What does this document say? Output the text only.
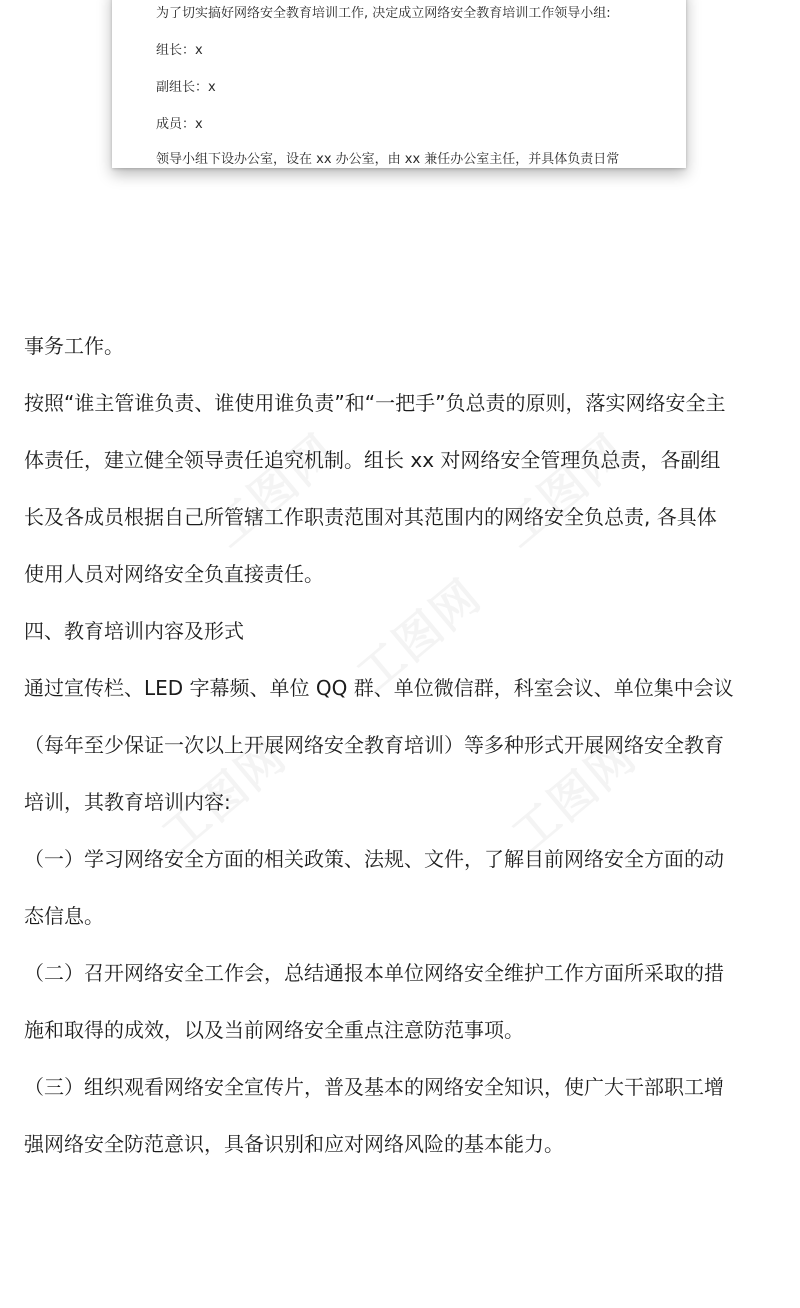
为了切实搞好网络安全教育培训工作, 决定成立网络安全教育培训工作领导小组:
组长：x
副组长：x
成员：x
领导小组下设办公室，设在 xx 办公室，由 xx 兼任办公室主任，并具体负责日常
事务工作。
按照“谁主管谁负责、谁使用谁负责”和“一把手”负总责的原则，落实网络安全主
体责任，建立健全领导责任追究机制。组长 xx 对网络安全管理负总责，各副组
长及各成员根据自己所管辖工作职责范围对其范围内的网络安全负总责, 各具体
使用人员对网络安全负直接责任。
四、教育培训内容及形式
通过宣传栏、LED 字幕频、单位 QQ 群、单位微信群，科室会议、单位集中会议
（每年至少保证一次以上开展网络安全教育培训）等多种形式开展网络安全教育
培训，其教育培训内容:
（一）学习网络安全方面的相关政策、法规、文件，了解目前网络安全方面的动
态信息。
（二）召开网络安全工作会，总结通报本单位网络安全维护工作方面所采取的措
施和取得的成效，以及当前网络安全重点注意防范事项。
（三）组织观看网络安全宣传片，普及基本的网络安全知识，使广大干部职工增
强网络安全防范意识，具备识别和应对网络风险的基本能力。
